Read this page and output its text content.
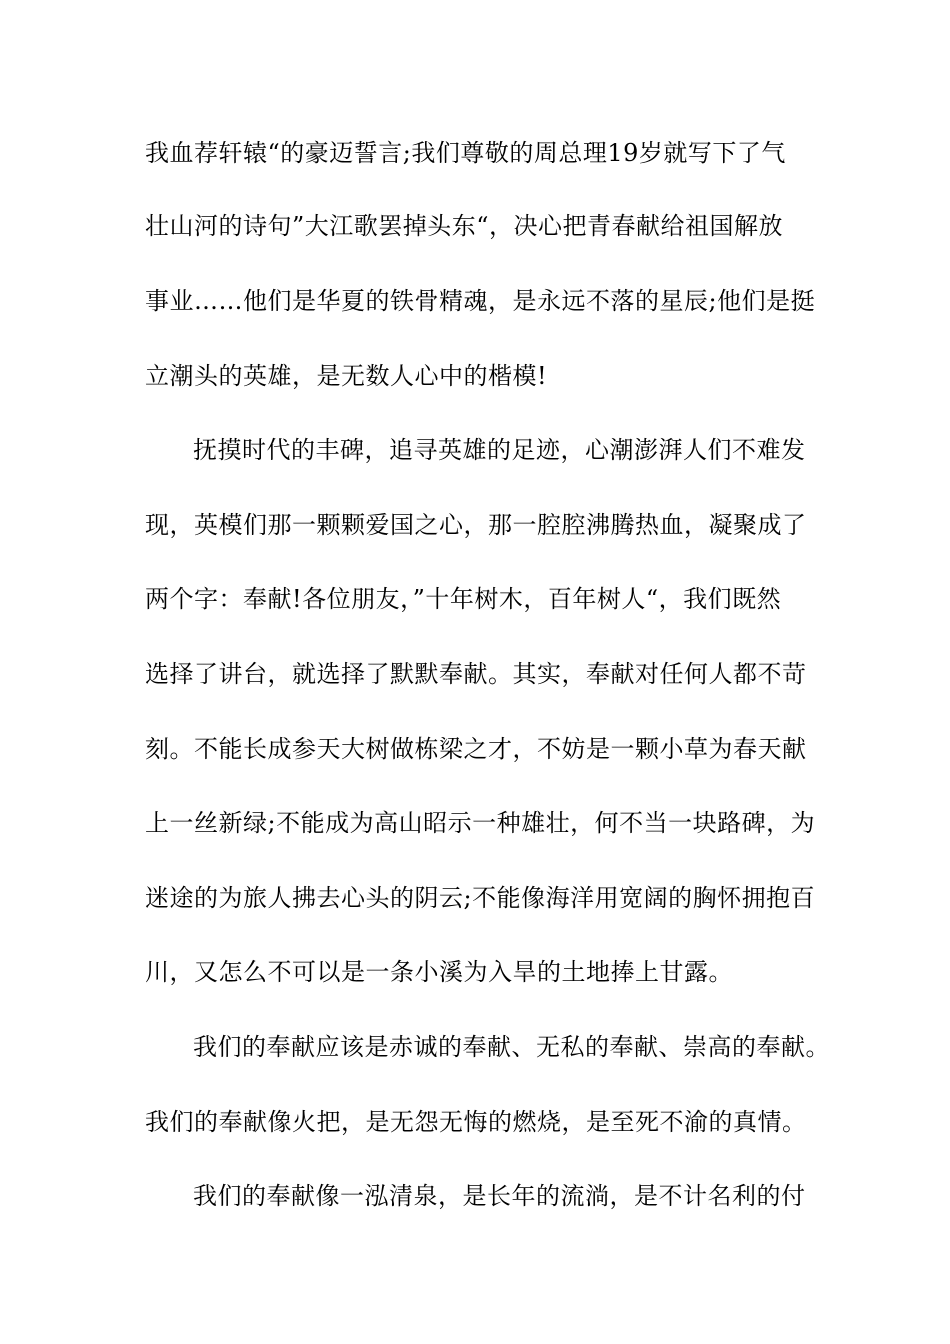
我血荐轩辕“的豪迈誓言;我们尊敬的周总理19岁就写下了气
壮山河的诗句”大江歌罢掉头东“，决心把青春献给祖国解放
事业……他们是华夏的铁骨精魂，是永远不落的星辰;他们是挺
立潮头的英雄，是无数人心中的楷模!
抚摸时代的丰碑，追寻英雄的足迹，心潮澎湃人们不难发
现，英模们那一颗颗爱国之心，那一腔腔沸腾热血，凝聚成了
两个字：奉献!各位朋友，”十年树木，百年树人“，我们既然
选择了讲台，就选择了默默奉献。其实，奉献对任何人都不苛
刻。不能长成参天大树做栋梁之才，不妨是一颗小草为春天献
上一丝新绿;不能成为高山昭示一种雄壮，何不当一块路碑，为
迷途的为旅人拂去心头的阴云;不能像海洋用宽阔的胸怀拥抱百
川，又怎么不可以是一条小溪为入旱的土地捧上甘露。
我们的奉献应该是赤诚的奉献、无私的奉献、崇高的奉献。
我们的奉献像火把，是无怨无悔的燃烧，是至死不渝的真情。
我们的奉献像一泓清泉，是长年的流淌，是不计名利的付
